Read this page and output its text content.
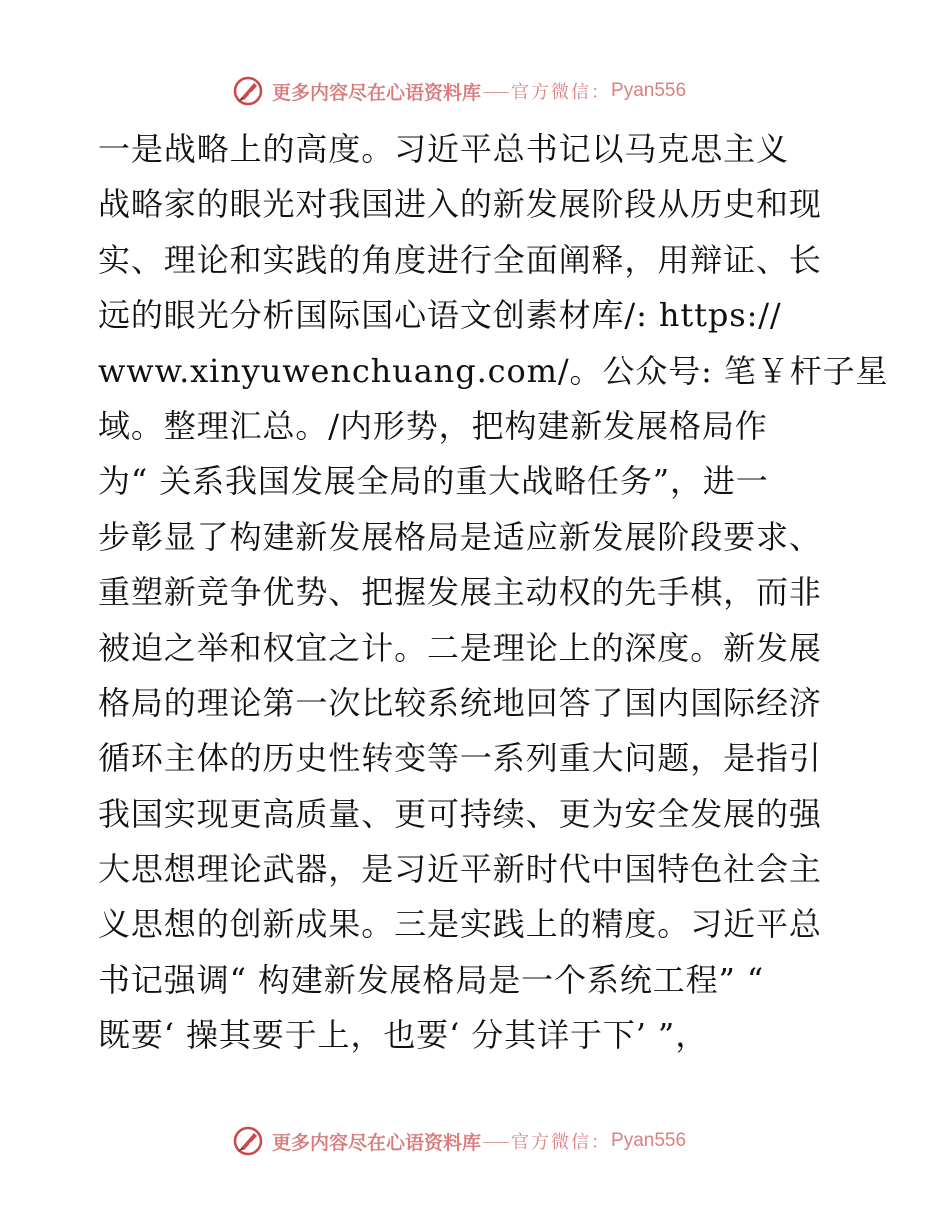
更多内容尽在心语资料库 官方微信： Pyan556
一是战略上的高度。习近平总书记以马克思主义
战略家的眼光对我国进入的新发展阶段从历史和现
实、理论和实践的角度进行全面阐释，用辩证、长
远的眼光分析国际国心语文创素材库/: https://
www.xinyuwenchuang.com/。公众号: 笔￥杆子星
域。整理汇总。/内形势，把构建新发展格局作
为“ 关系我国发展全局的重大战略任务”，进一
步彰显了构建新发展格局是适应新发展阶段要求、
重塑新竞争优势、把握发展主动权的先手棋，而非
被迫之举和权宜之计。二是理论上的深度。新发展
格局的理论第一次比较系统地回答了国内国际经济
循环主体的历史性转变等一系列重大问题，是指引
我国实现更高质量、更可持续、更为安全发展的强
大思想理论武器，是习近平新时代中国特色社会主
义思想的创新成果。三是实践上的精度。习近平总
书记强调“ 构建新发展格局是一个系统工程” “
既要‘ 操其要于上，也要‘ 分其详于下’ ”，
更多内容尽在心语资料库 官方微信： Pyan556
